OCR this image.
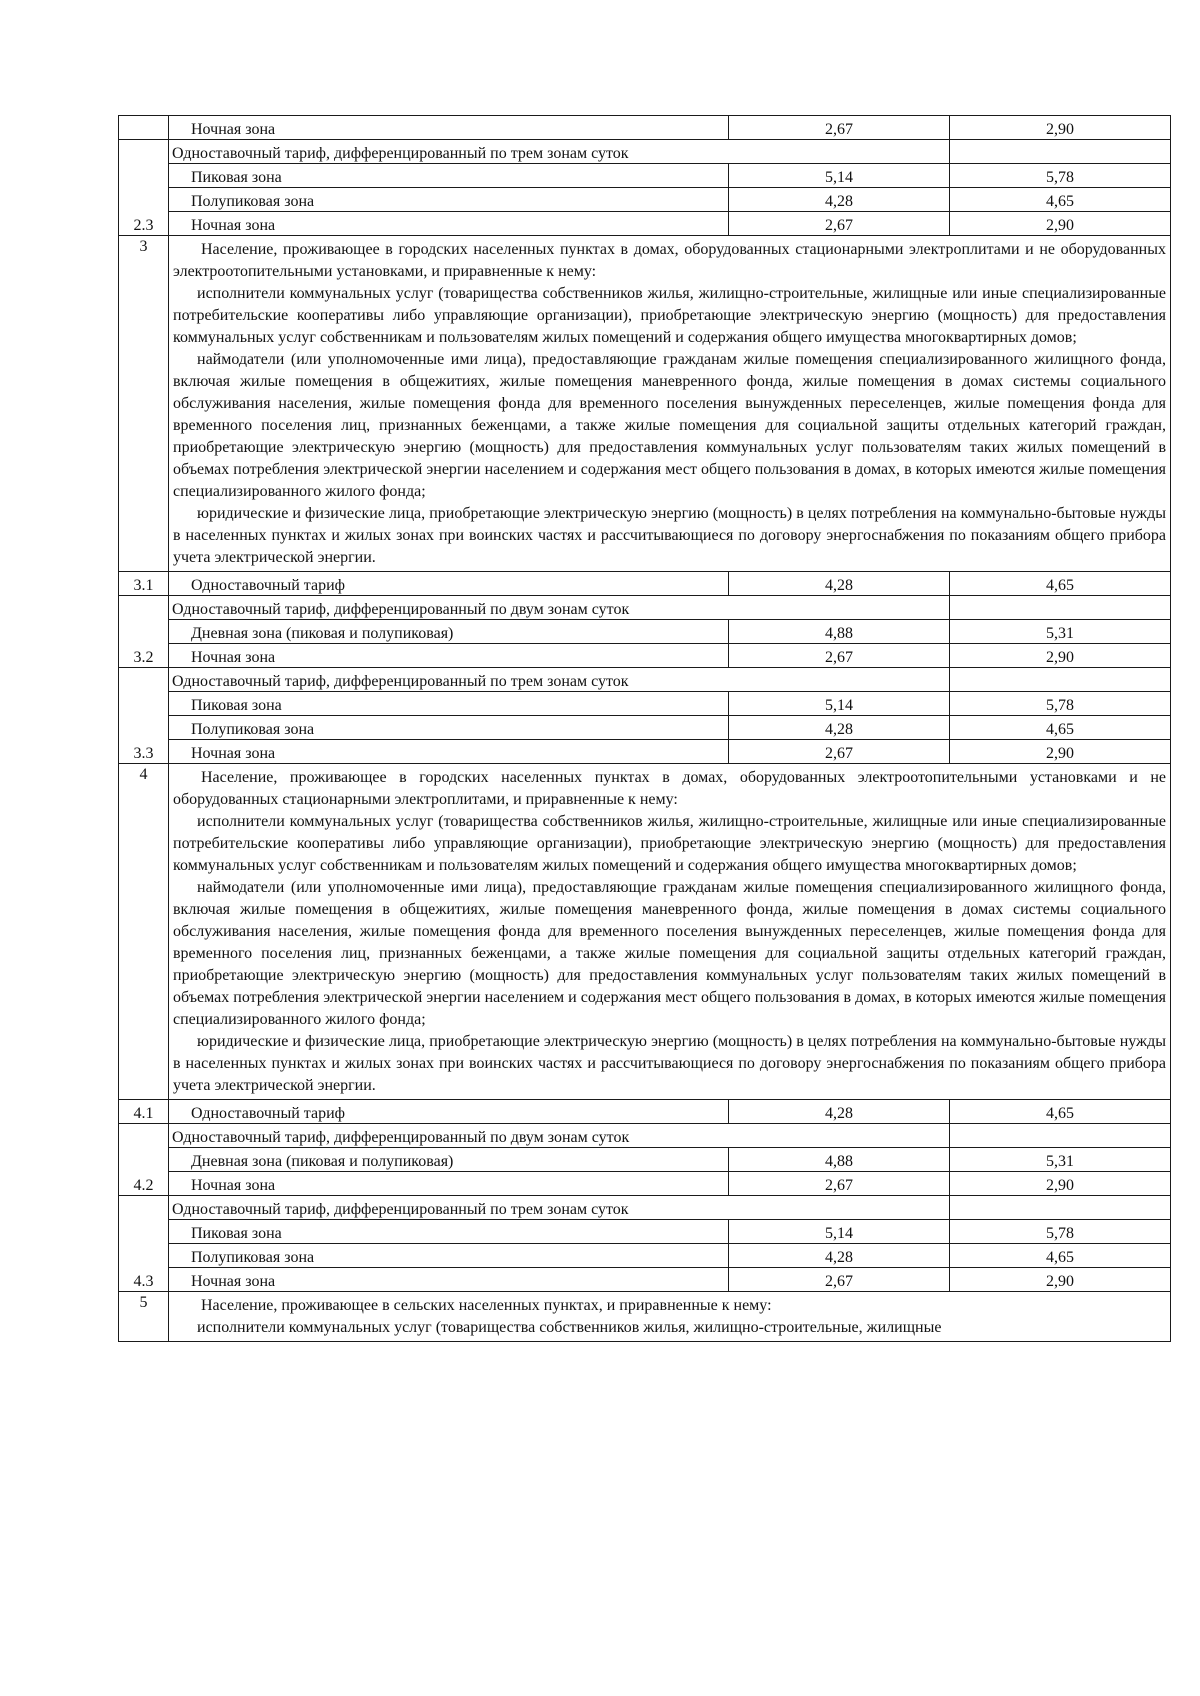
	Ночная зона	2,67	2,90
2.3	Одноставочный тариф, дифференцированный по трем зонам суток		
	Пиковая зона	5,14	5,78
	Полупиковая зона	4,28	4,65
	Ночная зона	2,67	2,90
3	Население, проживающее в городских населенных пунктах в домах, оборудованных стационарными электроплитами и не оборудованных электроотопительными установками, и приравненные к нему:

исполнители коммунальных услуг (товарищества собственников жилья, жилищно-строительные, жилищные или иные специализированные потребительские кооперативы либо управляющие организации), приобретающие электрическую энергию (мощность) для предоставления коммунальных услуг собственникам и пользователям жилых помещений и содержания общего имущества многоквартирных домов;

наймодатели (или уполномоченные ими лица), предоставляющие гражданам жилые помещения специализированного жилищного фонда, включая жилые помещения в общежитиях, жилые помещения маневренного фонда, жилые помещения в домах системы социального обслуживания населения, жилые помещения фонда для временного поселения вынужденных переселенцев, жилые помещения фонда для временного поселения лиц, признанных беженцами, а также жилые помещения для социальной защиты отдельных категорий граждан, приобретающие электрическую энергию (мощность) для предоставления коммунальных услуг пользователям таких жилых помещений в объемах потребления электрической энергии населением и содержания мест общего пользования в домах, в которых имеются жилые помещения специализированного жилого фонда;

юридические и физические лица, приобретающие электрическую энергию (мощность) в целях потребления на коммунально-бытовые нужды в населенных пунктах и жилых зонах при воинских частях и рассчитывающиеся по договору энергоснабжения по показаниям общего прибора учета электрической энергии.		

3.1	Одноставочный тариф	4,28	4,65
3.2	Одноставочный тариф, дифференцированный по двум зонам суток		
	Дневная зона (пиковая и полупиковая)	4,88	5,31
	Ночная зона	2,67	2,90
3.3	Одноставочный тариф, дифференцированный по трем зонам суток		
	Пиковая зона	5,14	5,78
	Полупиковая зона	4,28	4,65
	Ночная зона	2,67	2,90
4	Население, проживающее в городских населенных пунктах в домах, оборудованных электроотопительными установками и не оборудованных стационарными электроплитами, и приравненные к нему:

исполнители коммунальных услуг (товарищества собственников жилья, жилищно-строительные, жилищные или иные специализированные потребительские кооперативы либо управляющие организации), приобретающие электрическую энергию (мощность) для предоставления коммунальных услуг собственникам и пользователям жилых помещений и содержания общего имущества многоквартирных домов;

наймодатели (или уполномоченные ими лица), предоставляющие гражданам жилые помещения специализированного жилищного фонда, включая жилые помещения в общежитиях, жилые помещения маневренного фонда, жилые помещения в домах системы социального обслуживания населения, жилые помещения фонда для временного поселения вынужденных переселенцев, жилые помещения фонда для временного поселения лиц, признанных беженцами, а также жилые помещения для социальной защиты отдельных категорий граждан, приобретающие электрическую энергию (мощность) для предоставления коммунальных услуг пользователям таких жилых помещений в объемах потребления электрической энергии населением и содержания мест общего пользования в домах, в которых имеются жилые помещения специализированного жилого фонда;

юридические и физические лица, приобретающие электрическую энергию (мощность) в целях потребления на коммунально-бытовые нужды в населенных пунктах и жилых зонах при воинских частях и рассчитывающиеся по договору энергоснабжения по показаниям общего прибора учета электрической энергии.		

4.1	Одноставочный тариф	4,28	4,65
4.2	Одноставочный тариф, дифференцированный по двум зонам суток		
	Дневная зона (пиковая и полупиковая)	4,88	5,31
	Ночная зона	2,67	2,90
4.3	Одноставочный тариф, дифференцированный по трем зонам суток		
	Пиковая зона	5,14	5,78
	Полупиковая зона	4,28	4,65
	Ночная зона	2,67	2,90
5	Население, проживающее в сельских населенных пунктах, и приравненные к нему:

исполнители коммунальных услуг (товарищества собственников жилья, жилищно-строительные, жилищные		
